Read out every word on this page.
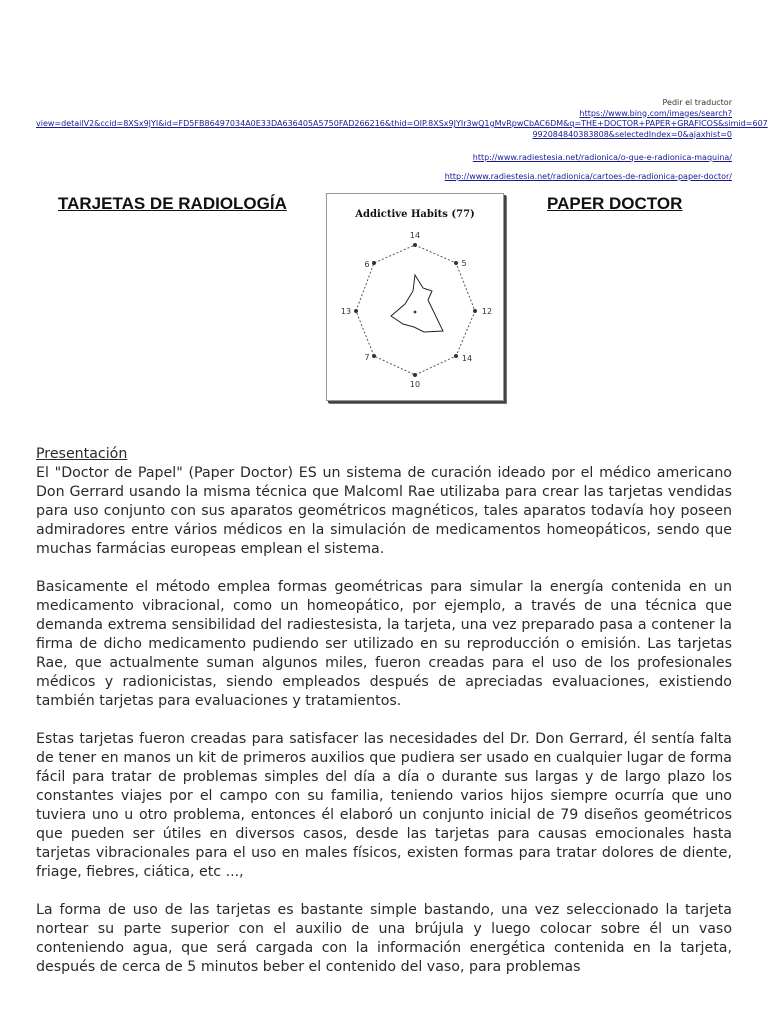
Pedir el traductor
https://www.bing.com/images/search?
view=detailV2&ccid=8XSx9JYI&id=FD5FB86497034A0E33DA636405A5750FAD266216&thid=OIP.8XSx9JYIr3wQ1gMvRpwCbAC6DM&q=THE+DOCTOR+PAPER+GRAFICOS&simid=607
992084840383808&selectedIndex=0&ajaxhist=0
http://www.radiestesia.net/radionica/o-que-e-radionica-maquina/
http://www.radiestesia.net/radionica/cartoes-de-radionica-paper-doctor/
TARJETAS DE RADIOLOGÍA	PAPER DOCTOR
Addictive Habits (77)
14
5
12
14
10
7
13
6
Presentación

El "Doctor de Papel" (Paper Doctor) ES un sistema de curación ideado por el médico americano Don Gerrard usando la misma técnica que Malcoml Rae utilizaba para crear las tarjetas vendidas para uso conjunto con sus aparatos geométricos magnéticos, tales aparatos todavía hoy poseen admiradores entre vários médicos en la simulación de medicamentos homeopáticos, sendo que muchas farmácias europeas emplean el sistema.

Basicamente el método emplea formas geométricas para simular la energía contenida en un medicamento vibracional, como un homeopático, por ejemplo, a través de una técnica que demanda extrema sensibilidad del radiestesista, la tarjeta, una vez preparado pasa a contener la firma de dicho medicamento pudiendo ser utilizado en su reproducción o emisión. Las tarjetas Rae, que actualmente suman algunos miles, fueron creadas para el uso de los profesionales médicos y radionicistas, siendo empleados después de apreciadas evaluaciones, existiendo también tarjetas para evaluaciones y tratamientos.

Estas tarjetas fueron creadas para satisfacer las necesidades del Dr. Don Gerrard, él sentía falta de tener en manos un kit de primeros auxilios que pudiera ser usado en cualquier lugar de forma fácil para tratar de problemas simples del día a día o durante sus largas y de largo plazo los constantes viajes por el campo con su familia, teniendo varios hijos siempre ocurría que uno tuviera uno u otro problema, entonces él elaboró un conjunto inicial de 79 diseños geométricos que pueden ser útiles en diversos casos, desde las tarjetas para causas emocionales hasta tarjetas vibracionales para el uso en males físicos, existen formas para tratar dolores de diente, friage, fiebres, ciática, etc ...,

La forma de uso de las tarjetas es bastante simple bastando, una vez seleccionado la tarjeta nortear su parte superior con el auxilio de una brújula y luego colocar sobre él un vaso conteniendo agua, que será cargada con la información energética contenida en la tarjeta, después de cerca de 5 minutos beber el contenido del vaso, para problemas
